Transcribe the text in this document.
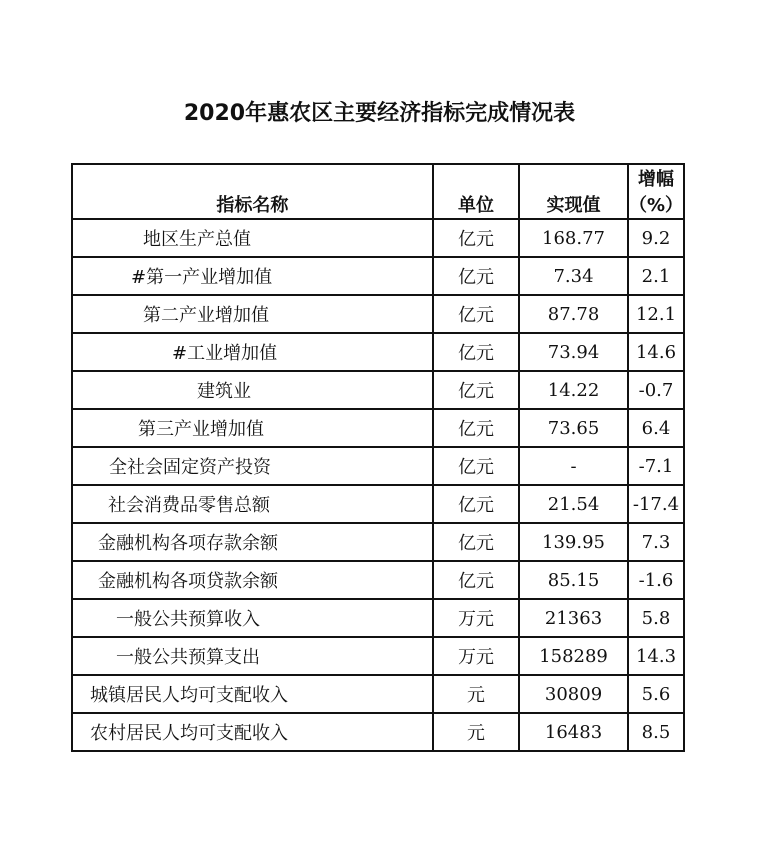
2020年惠农区主要经济指标完成情况表
指标名称	单位	实现值	增幅（%）
地区生产总值	亿元	168.77	9.2
#第一产业增加值	亿元	7.34	2.1
第二产业增加值	亿元	87.78	12.1
#工业增加值	亿元	73.94	14.6
建筑业	亿元	14.22	-0.7
第三产业增加值	亿元	73.65	6.4
全社会固定资产投资	亿元	-	-7.1
社会消费品零售总额	亿元	21.54	-17.4
金融机构各项存款余额	亿元	139.95	7.3
金融机构各项贷款余额	亿元	85.15	-1.6
一般公共预算收入	万元	21363	5.8
一般公共预算支出	万元	158289	14.3
城镇居民人均可支配收入	元	30809	5.6
农村居民人均可支配收入	元	16483	8.5
